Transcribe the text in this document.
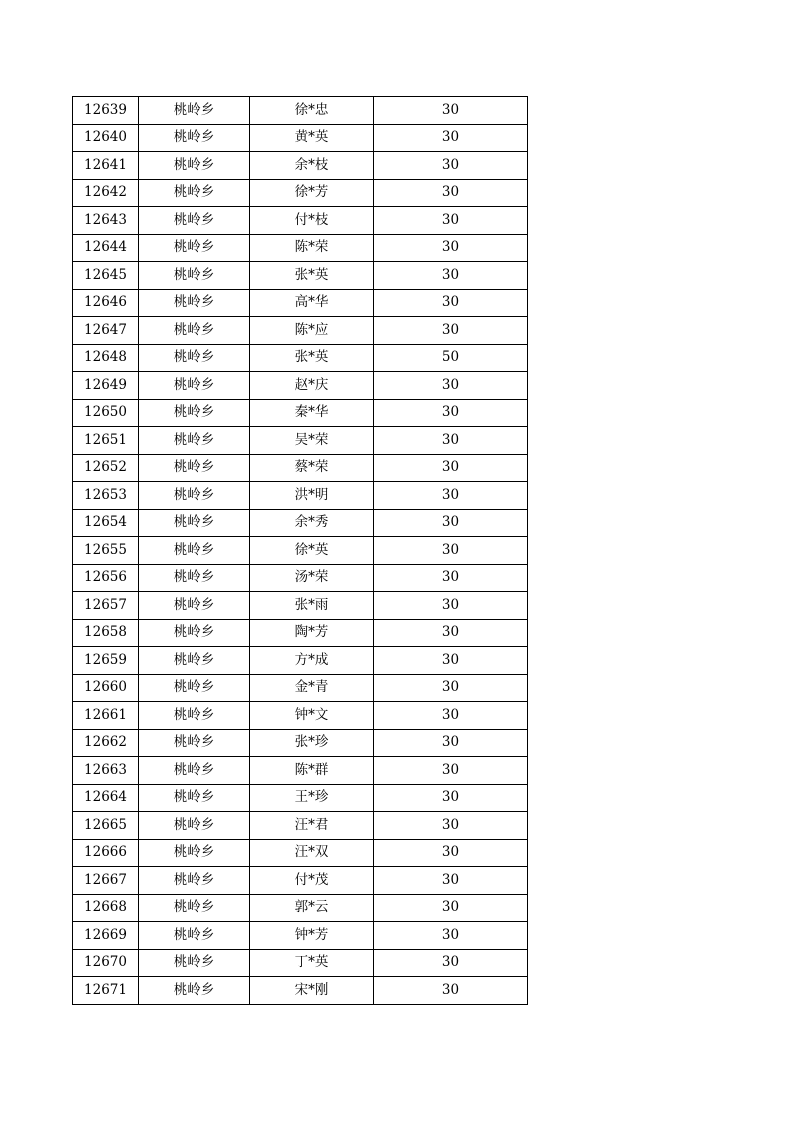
12639	桃岭乡	徐*忠	30
12640	桃岭乡	黄*英	30
12641	桃岭乡	余*枝	30
12642	桃岭乡	徐*芳	30
12643	桃岭乡	付*枝	30
12644	桃岭乡	陈*荣	30
12645	桃岭乡	张*英	30
12646	桃岭乡	高*华	30
12647	桃岭乡	陈*应	30
12648	桃岭乡	张*英	50
12649	桃岭乡	赵*庆	30
12650	桃岭乡	秦*华	30
12651	桃岭乡	吴*荣	30
12652	桃岭乡	蔡*荣	30
12653	桃岭乡	洪*明	30
12654	桃岭乡	余*秀	30
12655	桃岭乡	徐*英	30
12656	桃岭乡	汤*荣	30
12657	桃岭乡	张*雨	30
12658	桃岭乡	陶*芳	30
12659	桃岭乡	方*成	30
12660	桃岭乡	金*青	30
12661	桃岭乡	钟*文	30
12662	桃岭乡	张*珍	30
12663	桃岭乡	陈*群	30
12664	桃岭乡	王*珍	30
12665	桃岭乡	汪*君	30
12666	桃岭乡	汪*双	30
12667	桃岭乡	付*茂	30
12668	桃岭乡	郭*云	30
12669	桃岭乡	钟*芳	30
12670	桃岭乡	丁*英	30
12671	桃岭乡	宋*刚	30
